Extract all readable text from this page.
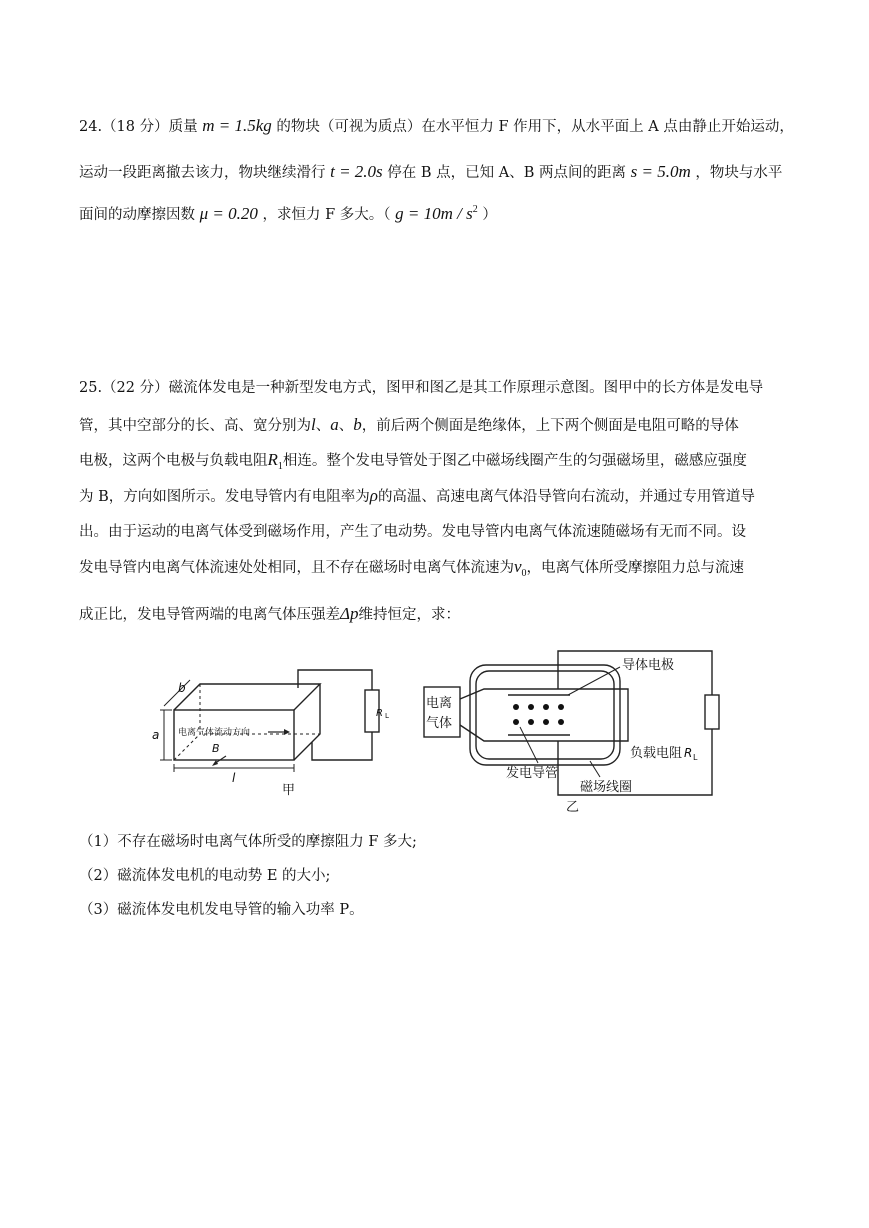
24.（18 分）质量 m = 1.5kg 的物块（可视为质点）在水平恒力 F 作用下，从水平面上 A 点由静止开始运动，
运动一段距离撤去该力，物块继续滑行 t = 2.0s 停在 B 点，已知 A、B 两点间的距离 s = 5.0m ，物块与水平
面间的动摩擦因数 μ = 0.20 ，求恒力 F 多大。（ $g = 10m / s^2$ ）
25.（22 分）磁流体发电是一种新型发电方式，图甲和图乙是其工作原理示意图。图甲中的长方体是发电导
管，其中空部分的长、高、宽分别为l、a、b，前后两个侧面是绝缘体，上下两个侧面是电阻可略的导体
电极，这两个电极与负载电阻$R_1$相连。整个发电导管处于图乙中磁场线圈产生的匀强磁场里，磁感应强度
为 B，方向如图所示。发电导管内有电阻率为ρ的高温、高速电离气体沿导管向右流动，并通过专用管道导
出。由于运动的电离气体受到磁场作用，产生了电动势。发电导管内电离气体流速随磁场有无而不同。设
发电导管内电离气体流速处处相同，且不存在磁场时电离气体流速为$v_0$，电离气体所受摩擦阻力总与流速
成正比，发电导管两端的电离气体压强差Δp维持恒定，求：
b
a
l
电离气体流动方向
B
R L
甲
电离
气体
导体电极
负载电阻 R L
发电导管
磁场线圈
乙
（1）不存在磁场时电离气体所受的摩擦阻力 F 多大;
（2）磁流体发电机的电动势 E 的大小;
（3）磁流体发电机发电导管的输入功率 P。
